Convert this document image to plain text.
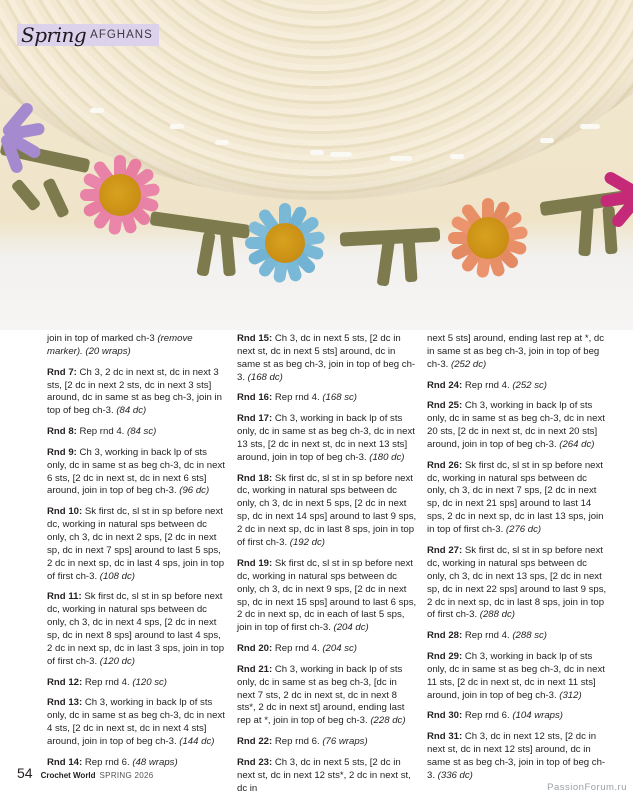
Spring AFGHANS

join in top of marked ch-3 (remove marker). (20 wraps)

Rnd 7: Ch 3, 2 dc in next st, dc in next 3 sts, [2 dc in next 2 sts, dc in next 3 sts] around, dc in same st as beg ch-3, join in top of beg ch-3. (84 dc)

Rnd 8: Rep rnd 4. (84 sc)

Rnd 9: Ch 3, working in back lp of sts only, dc in same st as beg ch-3, dc in next 6 sts, [2 dc in next st, dc in next 6 sts] around, join in top of beg ch-3. (96 dc)

Rnd 10: Sk first dc, sl st in sp before next dc, working in natural sps between dc only, ch 3, dc in next 2 sps, [2 dc in next sp, dc in next 7 sps] around to last 5 sps, 2 dc in next sp, dc in last 4 sps, join in top of first ch-3. (108 dc)

Rnd 11: Sk first dc, sl st in sp before next dc, working in natural sps between dc only, ch 3, dc in next 4 sps, [2 dc in next sp, dc in next 8 sps] around to last 4 sps, 2 dc in next sp, dc in last 3 sps, join in top of first ch-3. (120 dc)

Rnd 12: Rep rnd 4. (120 sc)

Rnd 13: Ch 3, working in back lp of sts only, dc in same st as beg ch-3, dc in next 4 sts, [2 dc in next st, dc in next 4 sts] around, join in top of beg ch-3. (144 dc)

Rnd 14: Rep rnd 6. (48 wraps)

Rnd 15: Ch 3, dc in next 5 sts, [2 dc in next st, dc in next 5 sts] around, dc in same st as beg ch-3, join in top of beg ch-3. (168 dc)

Rnd 16: Rep rnd 4. (168 sc)

Rnd 17: Ch 3, working in back lp of sts only, dc in same st as beg ch-3, dc in next 13 sts, [2 dc in next st, dc in next 13 sts] around, join in top of beg ch-3. (180 dc)

Rnd 18: Sk first dc, sl st in sp before next dc, working in natural sps between dc only, ch 3, dc in next 5 sps, [2 dc in next sp, dc in next 14 sps] around to last 9 sps, 2 dc in next sp, dc in last 8 sps, join in top of first ch-3. (192 dc)

Rnd 19: Sk first dc, sl st in sp before next dc, working in natural sps between dc only, ch 3, dc in next 9 sps, [2 dc in next sp, dc in next 15 sps] around to last 6 sps, 2 dc in next sp, dc in each of last 5 sps, join in top of first ch-3. (204 dc)

Rnd 20: Rep rnd 4. (204 sc)

Rnd 21: Ch 3, working in back lp of sts only, dc in same st as beg ch-3, [dc in next 7 sts, 2 dc in next st, dc in next 8 sts*, 2 dc in next st] around, ending last rep at *, join in top of beg ch-3. (228 dc)

Rnd 22: Rep rnd 6. (76 wraps)

Rnd 23: Ch 3, dc in next 5 sts, [2 dc in next st, dc in next 12 sts*, 2 dc in next st, dc in

next 5 sts] around, ending last rep at *, dc in same st as beg ch-3, join in top of beg ch-3. (252 dc)

Rnd 24: Rep rnd 4. (252 sc)

Rnd 25: Ch 3, working in back lp of sts only, dc in same st as beg ch-3, dc in next 20 sts, [2 dc in next st, dc in next 20 sts] around, join in top of beg ch-3. (264 dc)

Rnd 26: Sk first dc, sl st in sp before next dc, working in natural sps between dc only, ch 3, dc in next 7 sps, [2 dc in next sp, dc in next 21 sps] around to last 14 sps, 2 dc in next sp, dc in last 13 sps, join in top of first ch-3. (276 dc)

Rnd 27: Sk first dc, sl st in sp before next dc, working in natural sps between dc only, ch 3, dc in next 13 sps, [2 dc in next sp, dc in next 22 sps] around to last 9 sps, 2 dc in next sp, dc in last 8 sps, join in top of first ch-3. (288 dc)

Rnd 28: Rep rnd 4. (288 sc)

Rnd 29: Ch 3, working in back lp of sts only, dc in same st as beg ch-3, dc in next 11 sts, [2 dc in next st, dc in next 11 sts] around, join in top of beg ch-3. (312)

Rnd 30: Rep rnd 6. (104 wraps)

Rnd 31: Ch 3, dc in next 12 sts, [2 dc in next st, dc in next 12 sts] around, dc in same st as beg ch-3, join in top of beg ch-3. (336 dc)

54 Crochet World SPRING 2026
PassionForum.ru
